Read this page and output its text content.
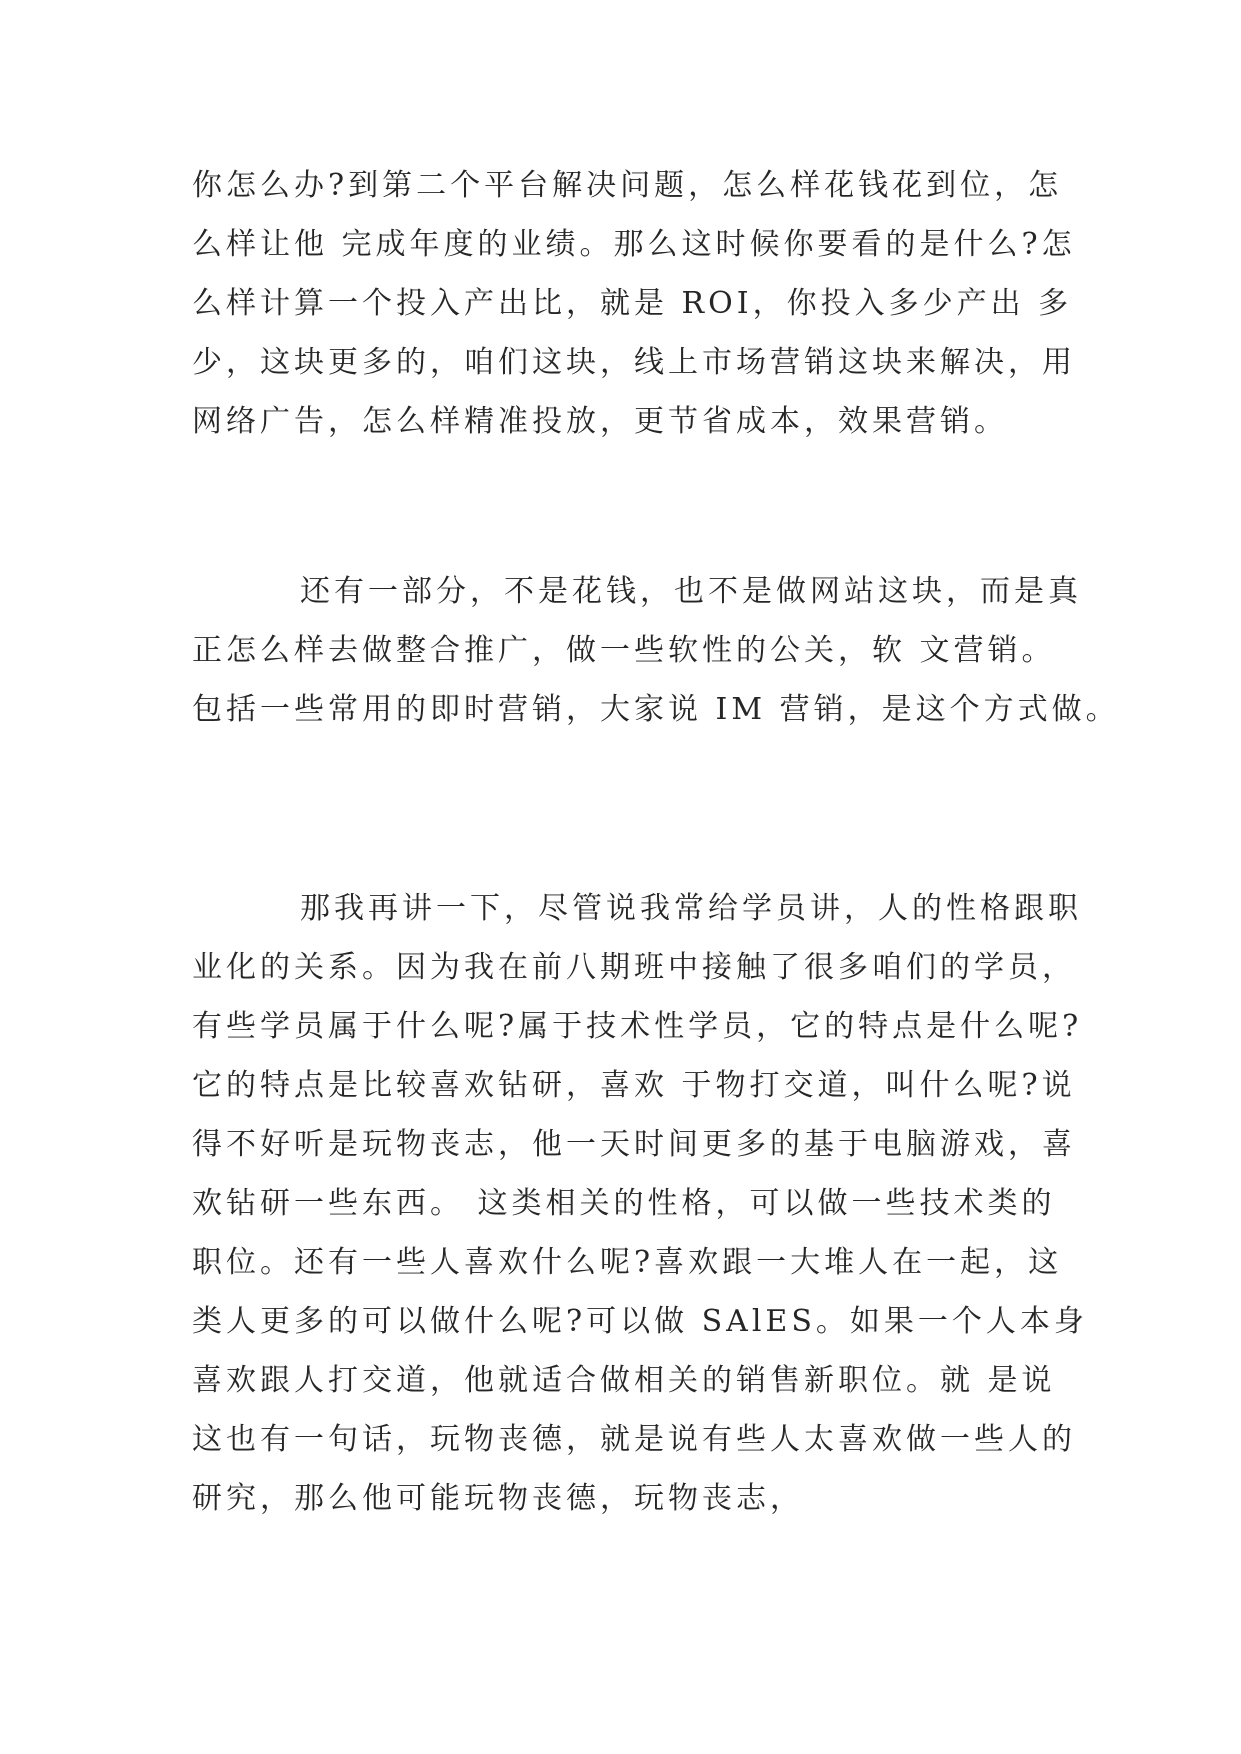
你怎么办?到第二个平台解决问题，怎么样花钱花到位，怎
么样让他 完成年度的业绩。那么这时候你要看的是什么?怎
么样计算一个投入产出比，就是 ROI，你投入多少产出 多
少，这块更多的，咱们这块，线上市场营销这块来解决，用
网络广告，怎么样精准投放，更节省成本，效果营销。
还有一部分，不是花钱，也不是做网站这块，而是真
正怎么样去做整合推广，做一些软性的公关，软 文营销。
包括一些常用的即时营销，大家说 IM 营销，是这个方式做。
那我再讲一下，尽管说我常给学员讲，人的性格跟职
业化的关系。因为我在前八期班中接触了很多咱们的学员，
有些学员属于什么呢?属于技术性学员，它的特点是什么呢?
它的特点是比较喜欢钻研，喜欢 于物打交道，叫什么呢?说
得不好听是玩物丧志，他一天时间更多的基于电脑游戏，喜
欢钻研一些东西。 这类相关的性格，可以做一些技术类的
职位。还有一些人喜欢什么呢?喜欢跟一大堆人在一起，这
类人更多的可以做什么呢?可以做 SAlES。如果一个人本身
喜欢跟人打交道，他就适合做相关的销售新职位。就 是说
这也有一句话，玩物丧德，就是说有些人太喜欢做一些人的
研究，那么他可能玩物丧德，玩物丧志，
